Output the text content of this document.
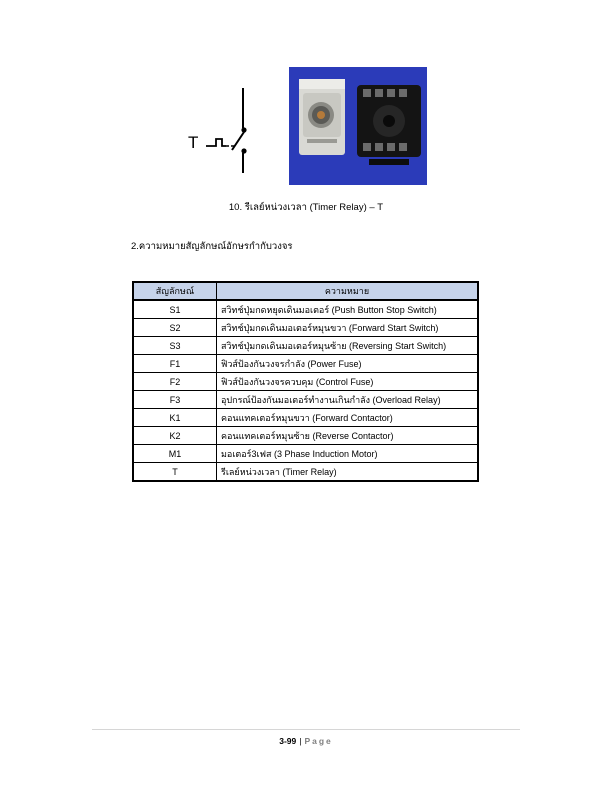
T
10. รีเลย์หน่วงเวลา (Timer Relay) – T
2.ความหมายสัญลักษณ์อักษรกำกับวงจร
สัญลักษณ์	ความหมาย
S1	สวิทช์ปุ่มกดหยุดเดินมอเตอร์ (Push Button Stop Switch)
S2	สวิทช์ปุ่มกดเดินมอเตอร์หมุนขวา (Forward Start Switch)
S3	สวิทช์ปุ่มกดเดินมอเตอร์หมุนซ้าย (Reversing Start Switch)
F1	ฟิวส์ป้องกันวงจรกำลัง (Power Fuse)
F2	ฟิวส์ป้องกันวงจรควบคุม (Control Fuse)
F3	อุปกรณ์ป้องกันมอเตอร์ทำงานเกินกำลัง (Overload Relay)
K1	คอนแทคเตอร์หมุนขวา (Forward Contactor)
K2	คอนแทคเตอร์หมุนซ้าย (Reverse Contactor)
M1	มอเตอร์3เฟส (3 Phase Induction Motor)
T	รีเลย์หน่วงเวลา (Timer Relay)
3-99 | Page
